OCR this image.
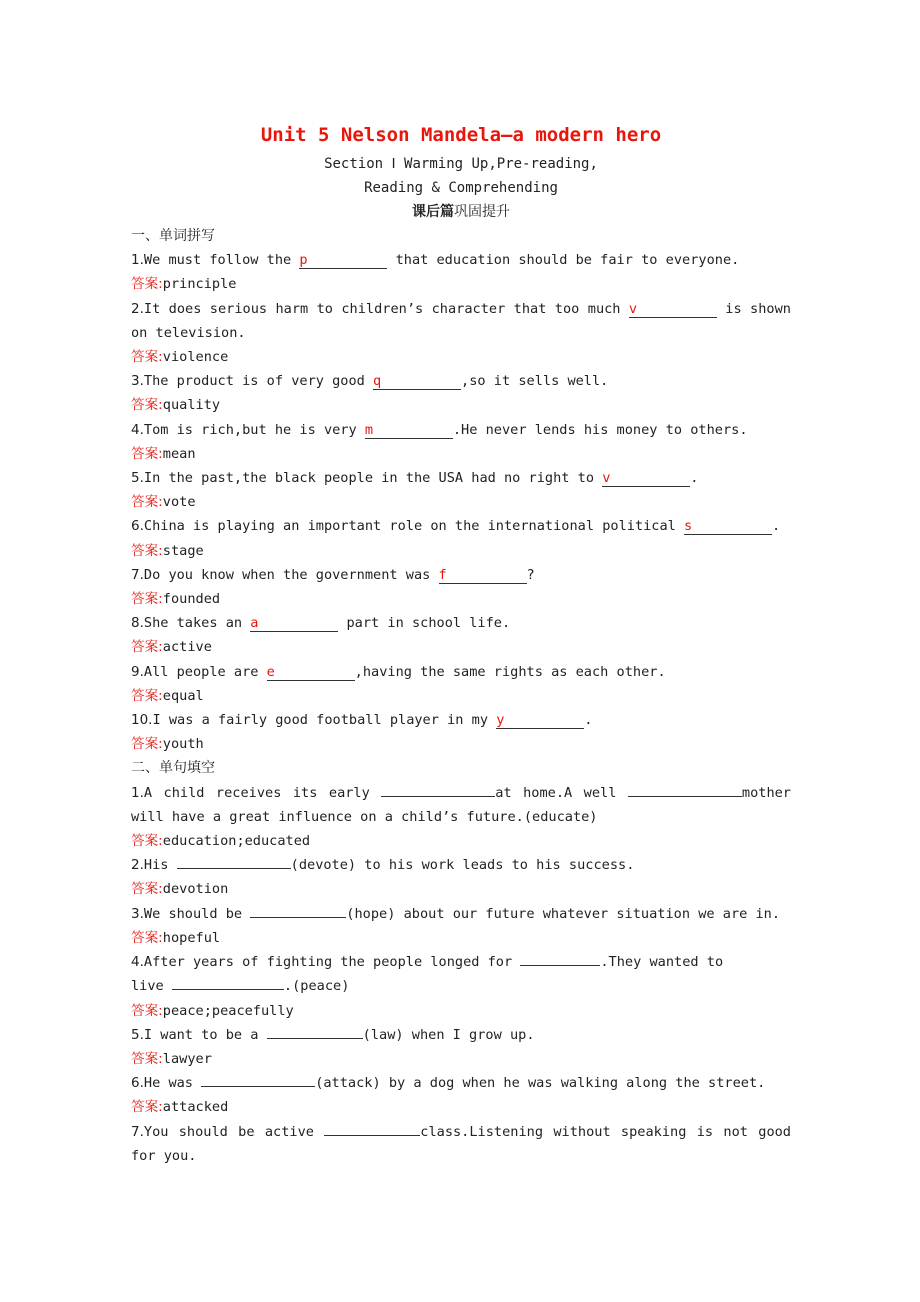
Unit 5 Nelson Mandela—a modern hero
Section Ⅰ Warming Up,Pre-reading,
Reading & Comprehending
课后篇巩固提升
一、单词拼写
1.We must follow the p	that education should be fair to everyone.
答案:principle
2.It does serious harm to children’s character that too much v	is shown on television.
答案:violence
3.The product is of very good q	,so it sells well.
答案:quality
4.Tom is rich,but he is very m	.He never lends his money to others.
答案:mean
5.In the past,the black people in the USA had no right to v	.
答案:vote
6.China is playing an important role on the international political s	.
答案:stage
7.Do you know when the government was f	?
答案:founded
8.She takes an a	part in school life.
答案:active
9.All people are e	,having the same rights as each other.
答案:equal
10.I was a fairly good football player in my y	.
答案:youth
二、单句填空
1.A child receives its early	at home.A well	mother will have a great influence on a child’s future.(educate)
答案:education;educated
2.His	(devote) to his work leads to his success.
答案:devotion
3.We should be	(hope) about our future whatever situation we are in.
答案:hopeful
4.After years of fighting the people longed for	.They wanted to
live	.(peace)
答案:peace;peacefully
5.I want to be a	(law) when I grow up.
答案:lawyer
6.He was	(attack) by a dog when he was walking along the street.
答案:attacked
7.You should be active	class.Listening without speaking is not good for you.
